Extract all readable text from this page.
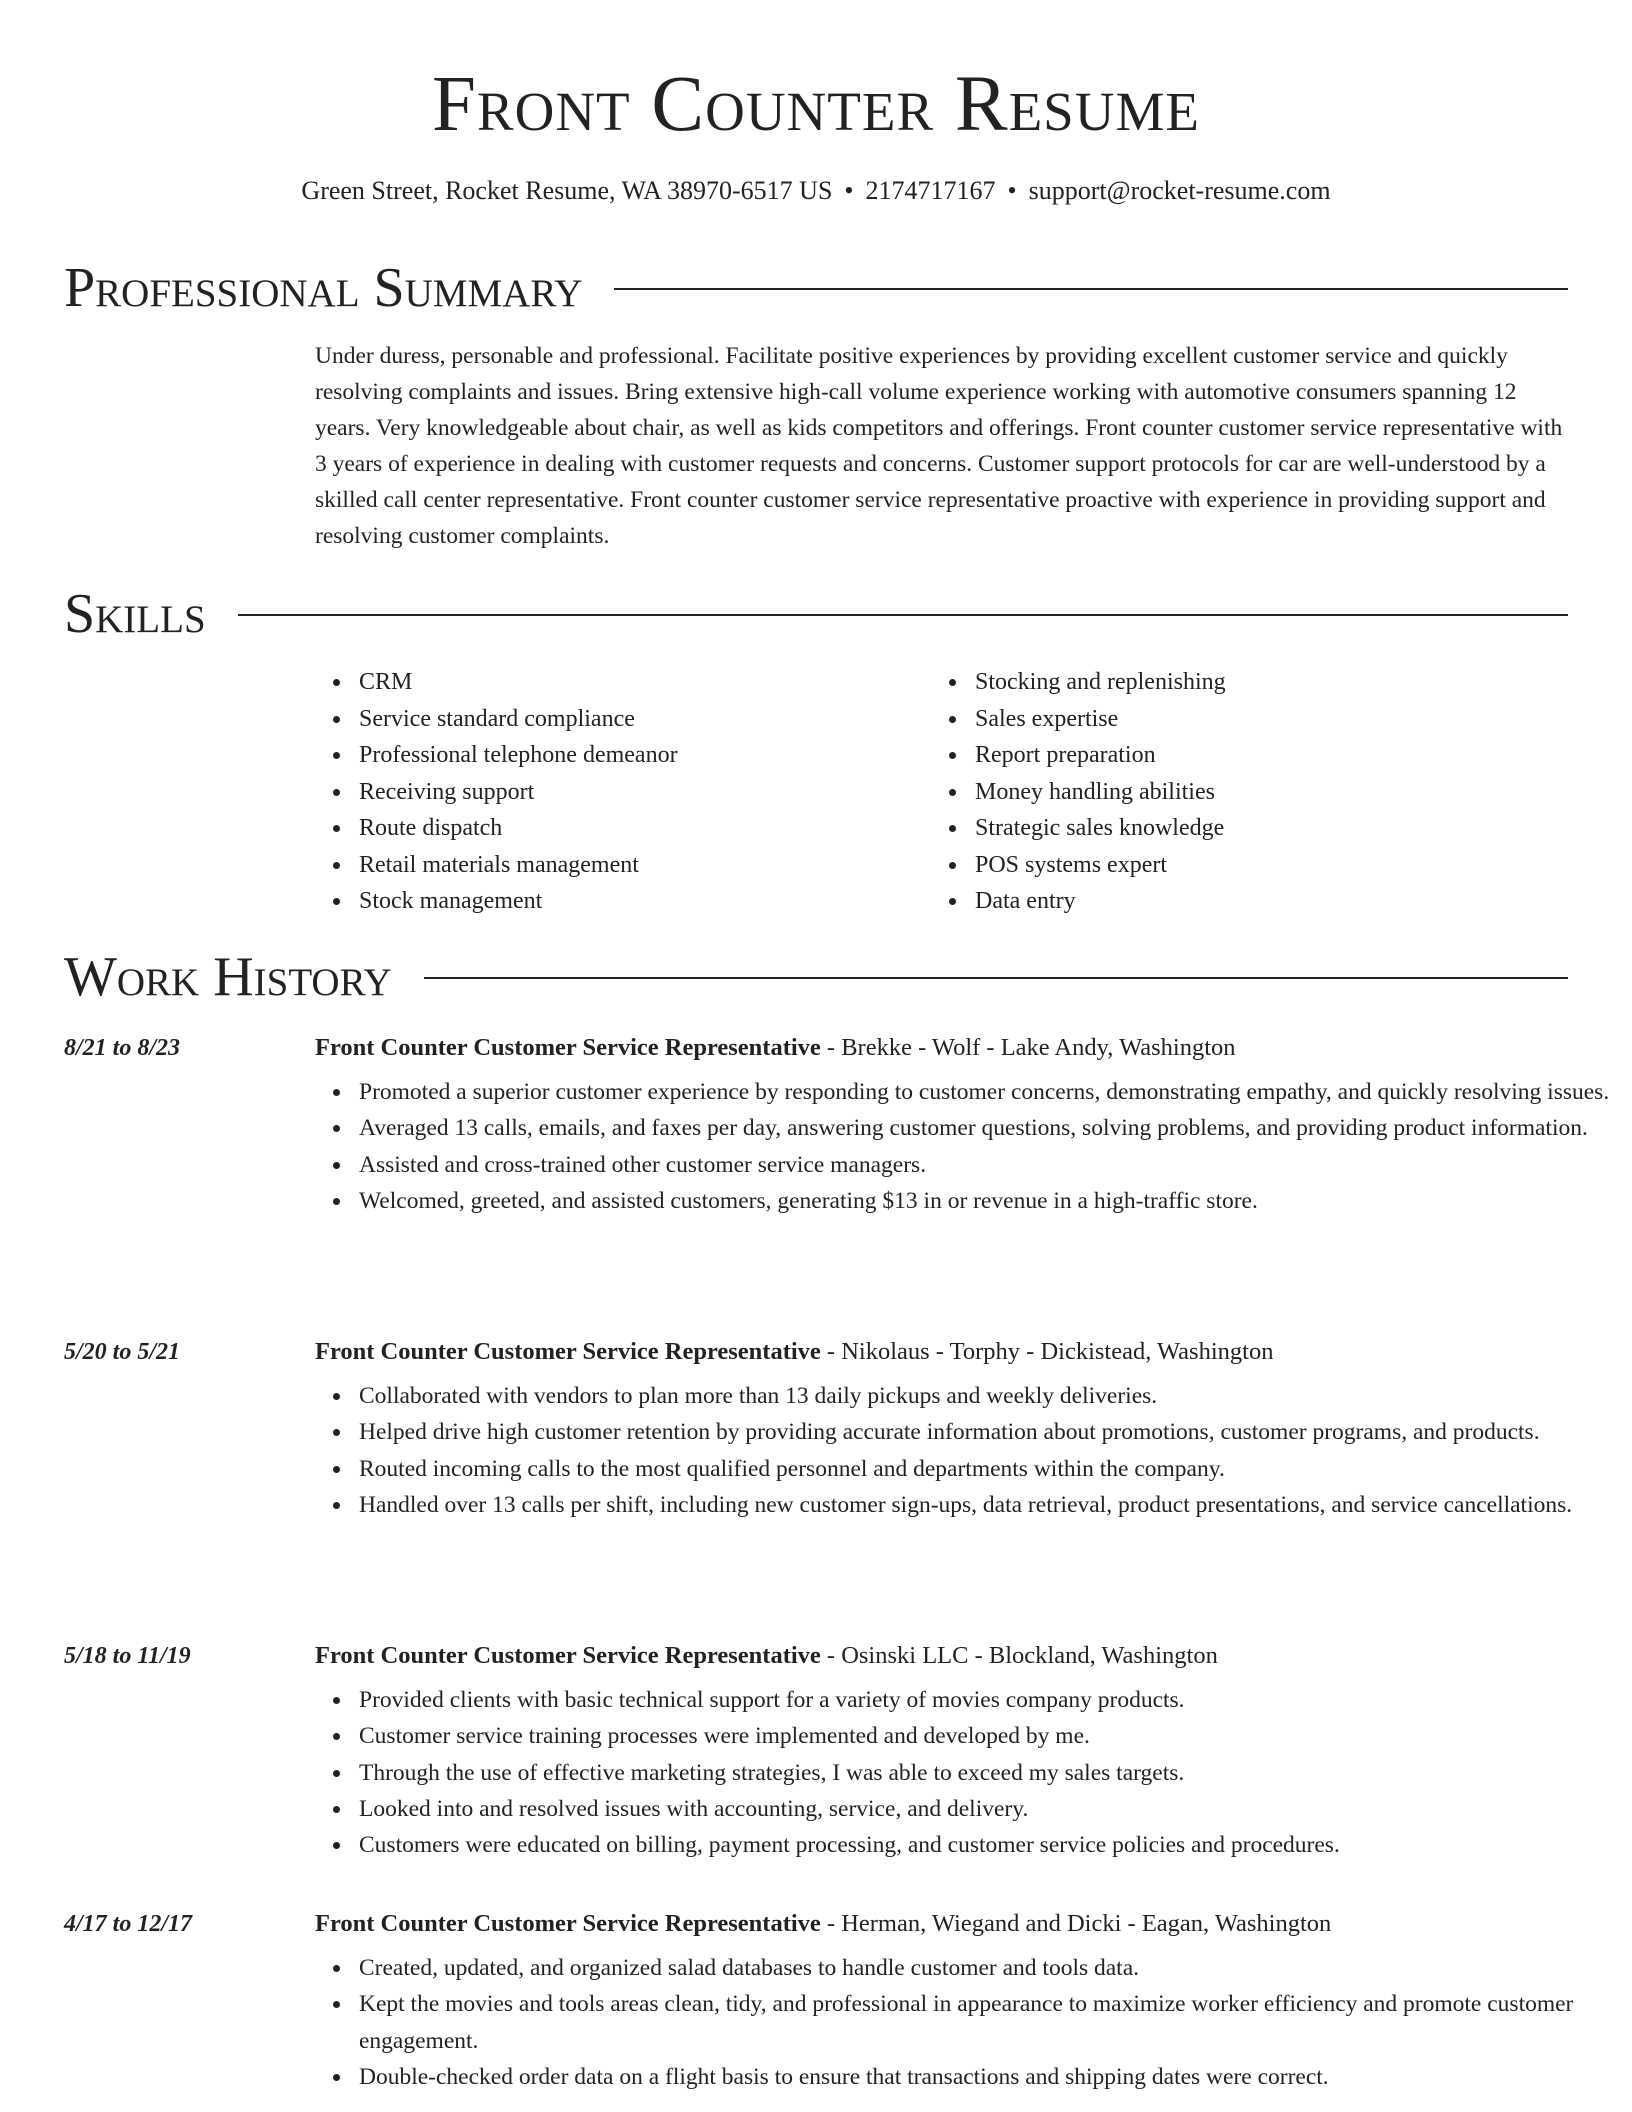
Front Counter Resume
Green Street, Rocket Resume, WA 38970-6517 US • 2174717167 • support@rocket-resume.com
Professional Summary

Under duress, personable and professional. Facilitate positive experiences by providing excellent customer service and quickly resolving complaints and issues. Bring extensive high-call volume experience working with automotive consumers spanning 12 years. Very knowledgeable about chair, as well as kids competitors and offerings. Front counter customer service representative with 3 years of experience in dealing with customer requests and concerns. Customer support protocols for car are well-understood by a skilled call center representative. Front counter customer service representative proactive with experience in providing support and resolving customer complaints.

Skills
CRM
Service standard compliance
Professional telephone demeanor
Receiving support
Route dispatch
Retail materials management
Stock management
Stocking and replenishing
Sales expertise
Report preparation
Money handling abilities
Strategic sales knowledge
POS systems expert
Data entry
Work History
8/21 to 8/23	Front Counter Customer Service Representative - Brekke - Wolf - Lake Andy, Washington
Promoted a superior customer experience by responding to customer concerns, demonstrating empathy, and quickly resolving issues.
Averaged 13 calls, emails, and faxes per day, answering customer questions, solving problems, and providing product information.
Assisted and cross-trained other customer service managers.
Welcomed, greeted, and assisted customers, generating $13 in or revenue in a high-traffic store.
5/20 to 5/21	Front Counter Customer Service Representative - Nikolaus - Torphy - Dickistead, Washington
Collaborated with vendors to plan more than 13 daily pickups and weekly deliveries.
Helped drive high customer retention by providing accurate information about promotions, customer programs, and products.
Routed incoming calls to the most qualified personnel and departments within the company.
Handled over 13 calls per shift, including new customer sign-ups, data retrieval, product presentations, and service cancellations.
5/18 to 11/19	Front Counter Customer Service Representative - Osinski LLC - Blockland, Washington
Provided clients with basic technical support for a variety of movies company products.
Customer service training processes were implemented and developed by me.
Through the use of effective marketing strategies, I was able to exceed my sales targets.
Looked into and resolved issues with accounting, service, and delivery.
Customers were educated on billing, payment processing, and customer service policies and procedures.
4/17 to 12/17	Front Counter Customer Service Representative - Herman, Wiegand and Dicki - Eagan, Washington
Created, updated, and organized salad databases to handle customer and tools data.
Kept the movies and tools areas clean, tidy, and professional in appearance to maximize worker efficiency and promote customer engagement.
Double-checked order data on a flight basis to ensure that transactions and shipping dates were correct.
